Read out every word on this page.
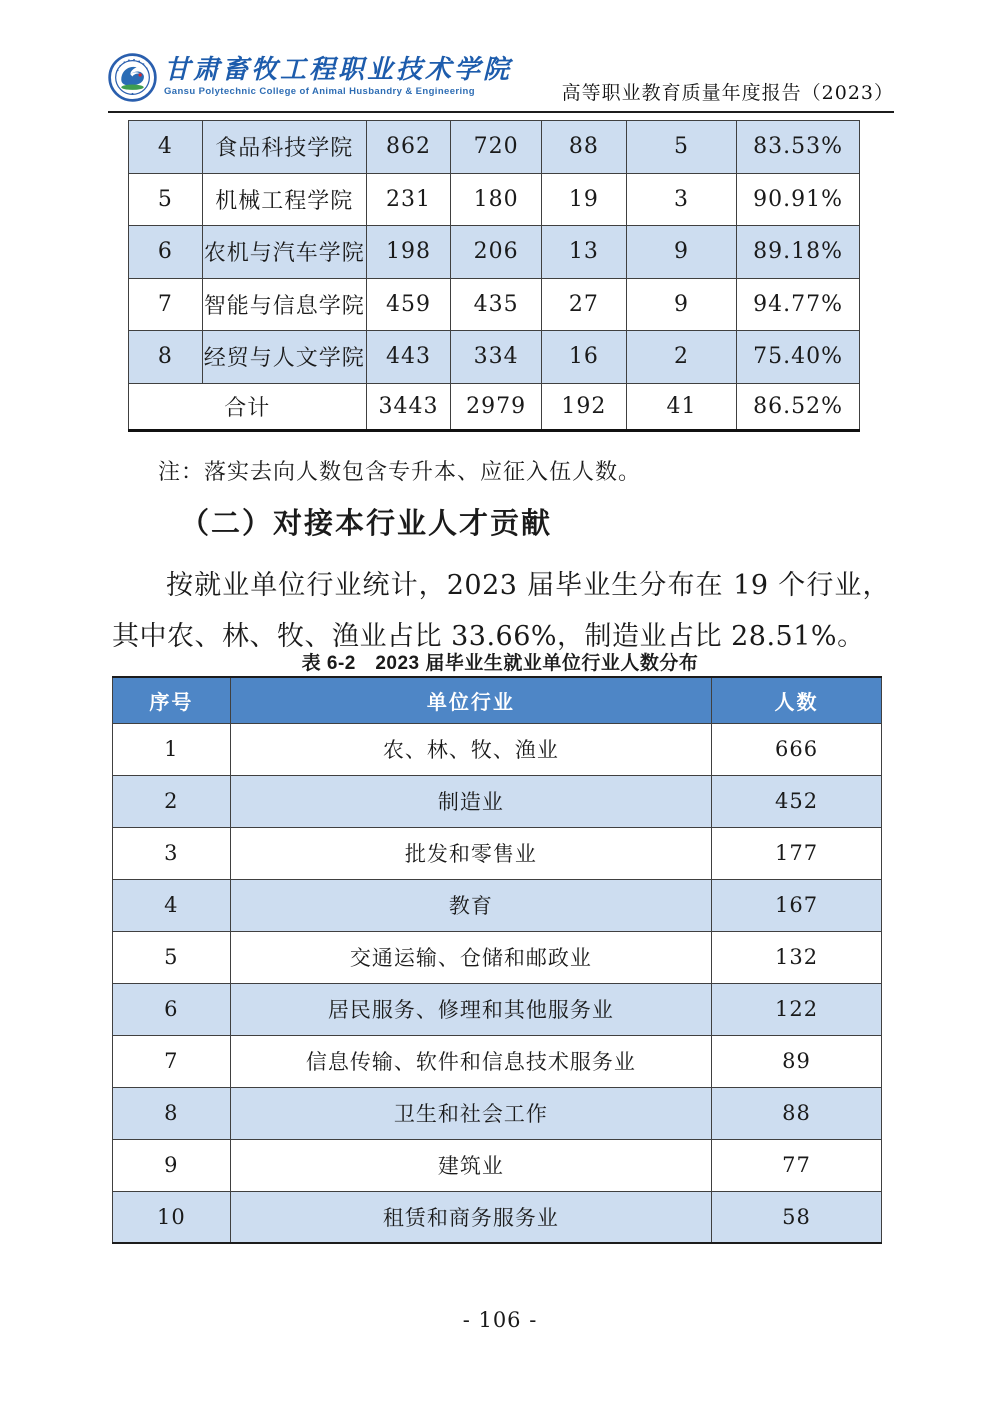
甘肃畜牧工程职业技术学院
Gansu Polytechnic College of Animal Husbandry & Engineering	高等职业教育质量年度报告（2023）
4	食品科技学院	862	720	88	5	83.53%
5	机械工程学院	231	180	19	3	90.91%
6	农机与汽车学院	198	206	13	9	89.18%
7	智能与信息学院	459	435	27	9	94.77%
8	经贸与人文学院	443	334	16	2	75.40%
合计		3443	2979	192	41	86.52%
注：落实去向人数包含专升本、应征入伍人数。
（二）对接本行业人才贡献
按就业单位行业统计，2023 届毕业生分布在 19 个行业，其中农、林、牧、渔业占比 33.66%，制造业占比 28.51%。
表 6-2　2023 届毕业生就业单位行业人数分布
序号	单位行业	人数
1	农、林、牧、渔业	666
2	制造业	452
3	批发和零售业	177
4	教育	167
5	交通运输、仓储和邮政业	132
6	居民服务、修理和其他服务业	122
7	信息传输、软件和信息技术服务业	89
8	卫生和社会工作	88
9	建筑业	77
10	租赁和商务服务业	58
- 106 -
